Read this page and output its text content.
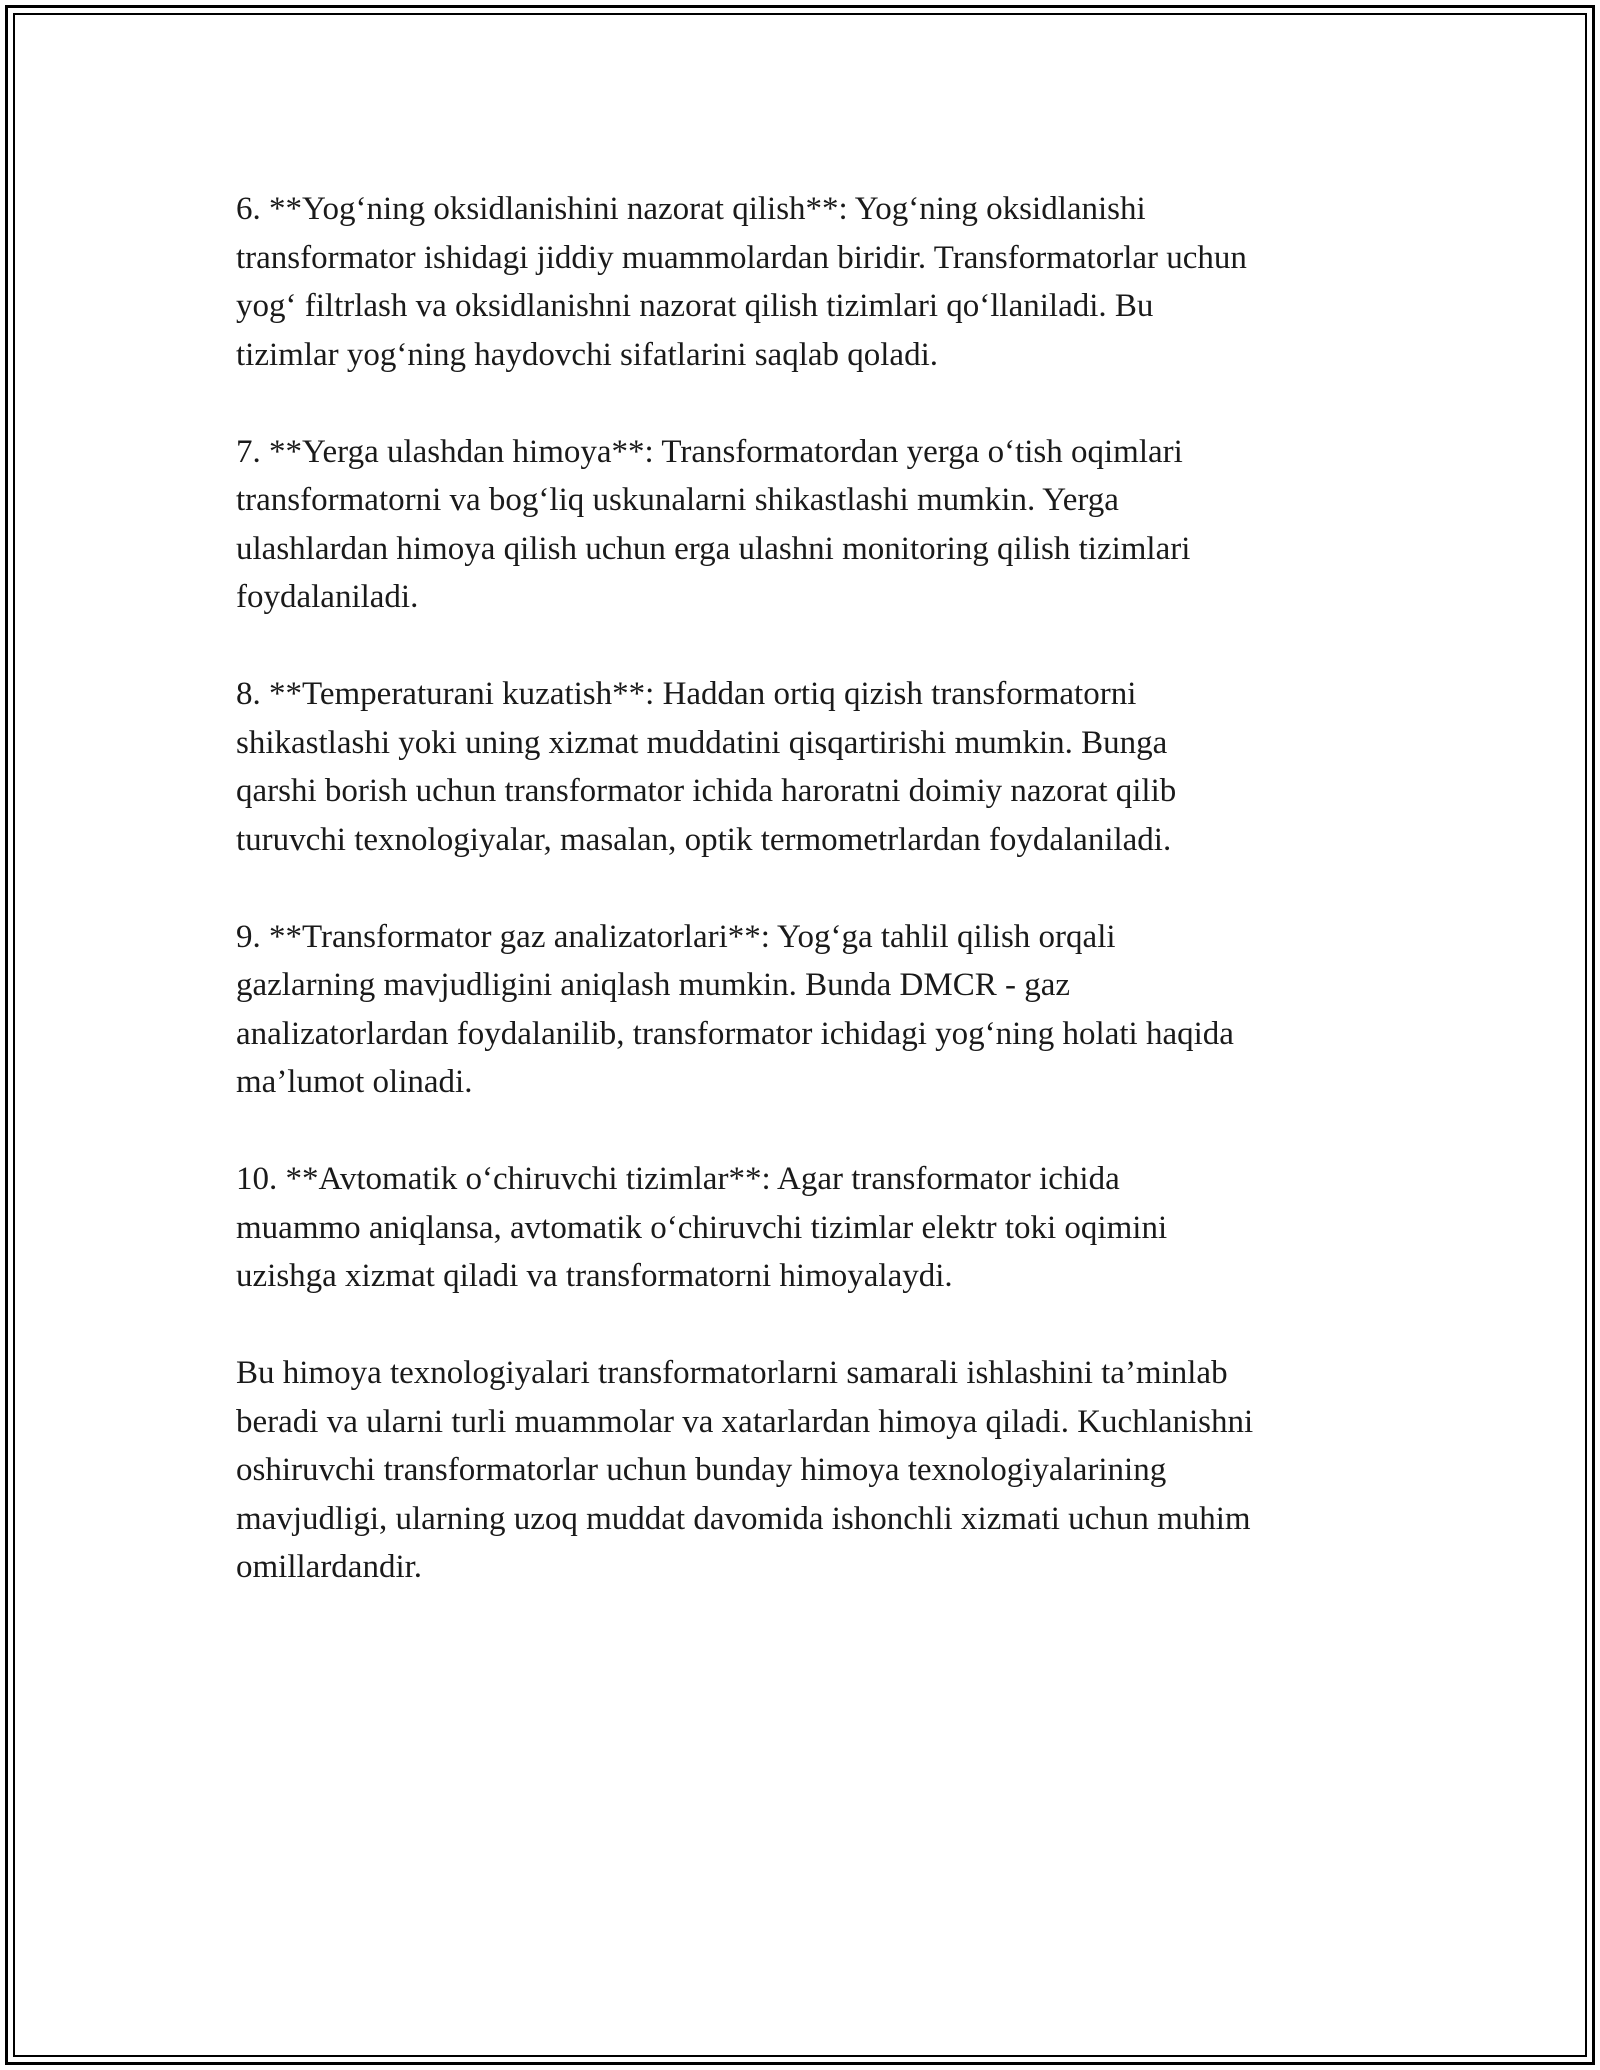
6. **Yog‘ning oksidlanishini nazorat qilish**: Yog‘ning oksidlanishi
transformator ishidagi jiddiy muammolardan biridir. Transformatorlar uchun
yog‘ filtrlash va oksidlanishni nazorat qilish tizimlari qo‘llaniladi. Bu
tizimlar yog‘ning haydovchi sifatlarini saqlab qoladi.

7. **Yerga ulashdan himoya**: Transformatordan yerga o‘tish oqimlari
transformatorni va bog‘liq uskunalarni shikastlashi mumkin. Yerga
ulashlardan himoya qilish uchun erga ulashni monitoring qilish tizimlari
foydalaniladi.

8. **Temperaturani kuzatish**: Haddan ortiq qizish transformatorni
shikastlashi yoki uning xizmat muddatini qisqartirishi mumkin. Bunga
qarshi borish uchun transformator ichida haroratni doimiy nazorat qilib
turuvchi texnologiyalar, masalan, optik termometrlardan foydalaniladi.

9. **Transformator gaz analizatorlari**: Yog‘ga tahlil qilish orqali
gazlarning mavjudligini aniqlash mumkin. Bunda DMCR - gaz
analizatorlardan foydalanilib, transformator ichidagi yog‘ning holati haqida
ma’lumot olinadi.

10. **Avtomatik o‘chiruvchi tizimlar**: Agar transformator ichida
muammo aniqlansa, avtomatik o‘chiruvchi tizimlar elektr toki oqimini
uzishga xizmat qiladi va transformatorni himoyalaydi.

Bu himoya texnologiyalari transformatorlarni samarali ishlashini ta’minlab
beradi va ularni turli muammolar va xatarlardan himoya qiladi. Kuchlanishni
oshiruvchi transformatorlar uchun bunday himoya texnologiyalarining
mavjudligi, ularning uzoq muddat davomida ishonchli xizmati uchun muhim
omillardandir.
